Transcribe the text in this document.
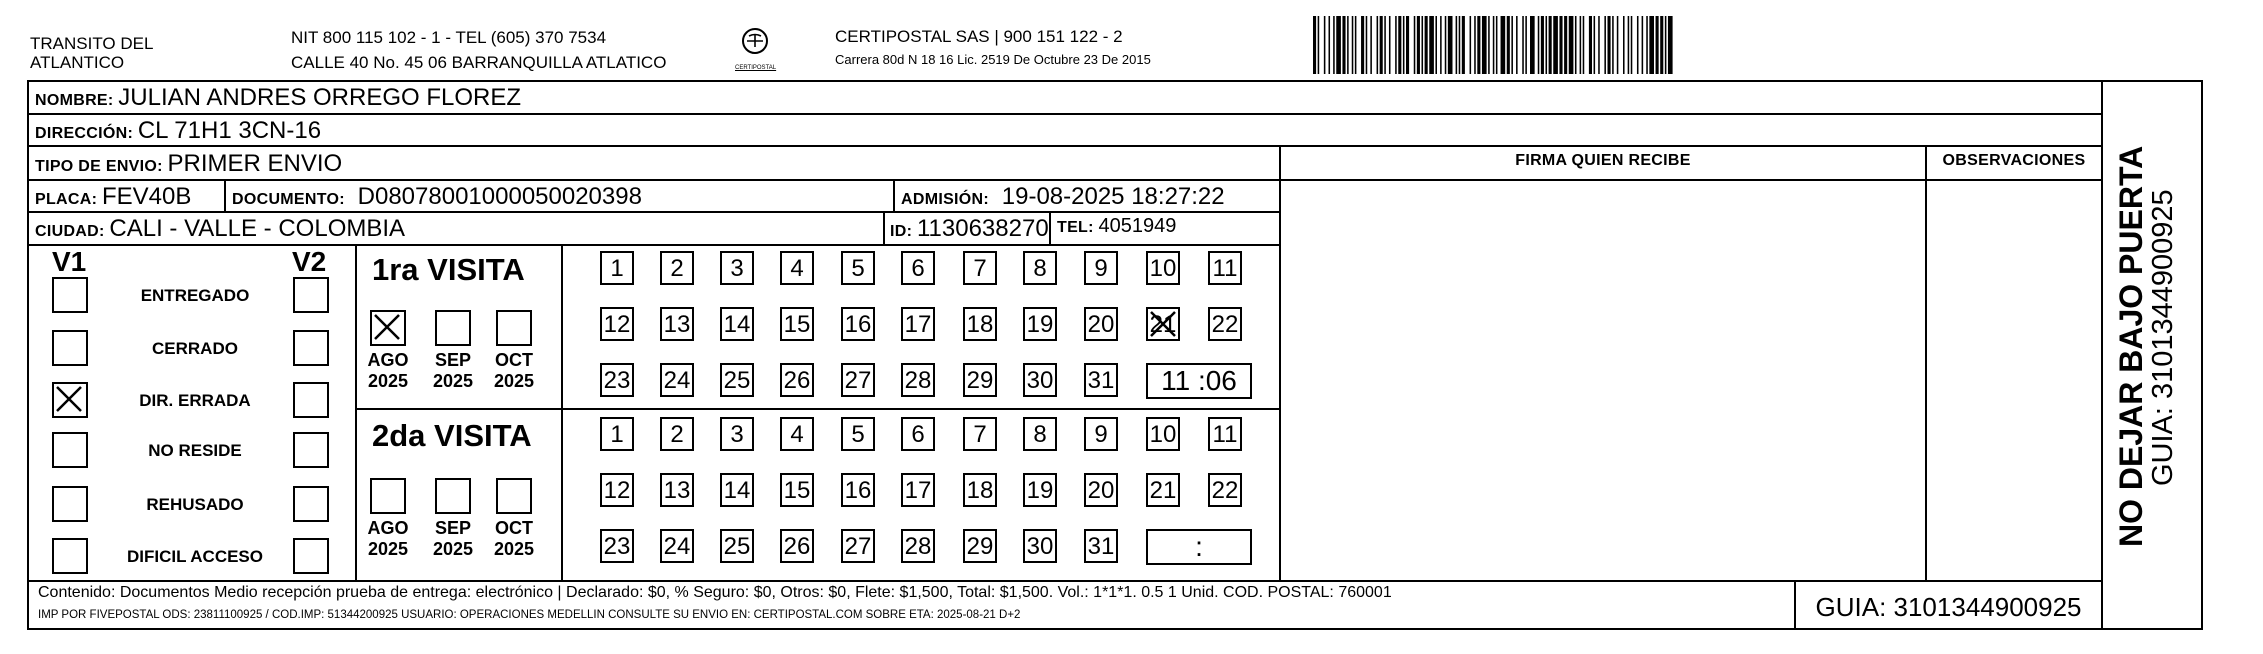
TRANSITO DEL
ATLANTICO
NIT 800 115 102 - 1 - TEL (605) 370 7534
CALLE 40 No. 45 06 BARRANQUILLA ATLATICO	CERTIPOSTAL
CERTIPOSTAL SAS | 900 151 122 - 2
Carrera 80d N 18 16 Lic. 2519 De Octubre 23 De 2015
NOMBRE: JULIAN ANDRES ORREGO FLOREZ
DIRECCIÓN: CL 71H1 3CN-16
TIPO DE ENVIO: PRIMER ENVIO
PLACA: FEV40B	DOCUMENTO: D08078001000050020398	ADMISIÓN: 19-08-2025 18:27:22
CIUDAD: CALI - VALLE - COLOMBIA	ID: 1130638270 TEL: 4051949
FIRMA QUIEN RECIBE	OBSERVACIONES NO DEJAR BAJO PUERTA
GUIA: 3101344900925
V1	V2 1ra VISITA
2da VISITA
Contenido: Documentos Medio recepción prueba de entrega: electrónico | Declarado: $0, % Seguro: $0, Otros: $0, Flete: $1,500, Total: $1,500. Vol.: 1*1*1. 0.5 1 Unid. COD. POSTAL: 760001
IMP POR FIVEPOSTAL ODS: 23811100925 / COD.IMP: 51344200925 USUARIO: OPERACIONES MEDELLIN CONSULTE SU ENVIO EN: CERTIPOSTAL.COM SOBRE ETA: 2025-08-21 D+2	GUIA: 3101344900925
ENTREGADO
CERRADO
DIR. ERRADA
NO RESIDE
REHUSADO
DIFICIL ACCESO
AGO
2025
SEP
2025
OCT
2025
AGO
2025
SEP
2025
OCT
2025
1	2	3	4	5	6	7	8	9	10 11
12 13 14 15 16 17 18 19 20 21 22
23 24 25 26 27 28 29 30 31	11 :06
1	2	3	4	5	6	7	8	9	10 11
12 13 14 15 16 17 18 19 20 21 22
23 24 25 26 27 28 29 30 31	:
